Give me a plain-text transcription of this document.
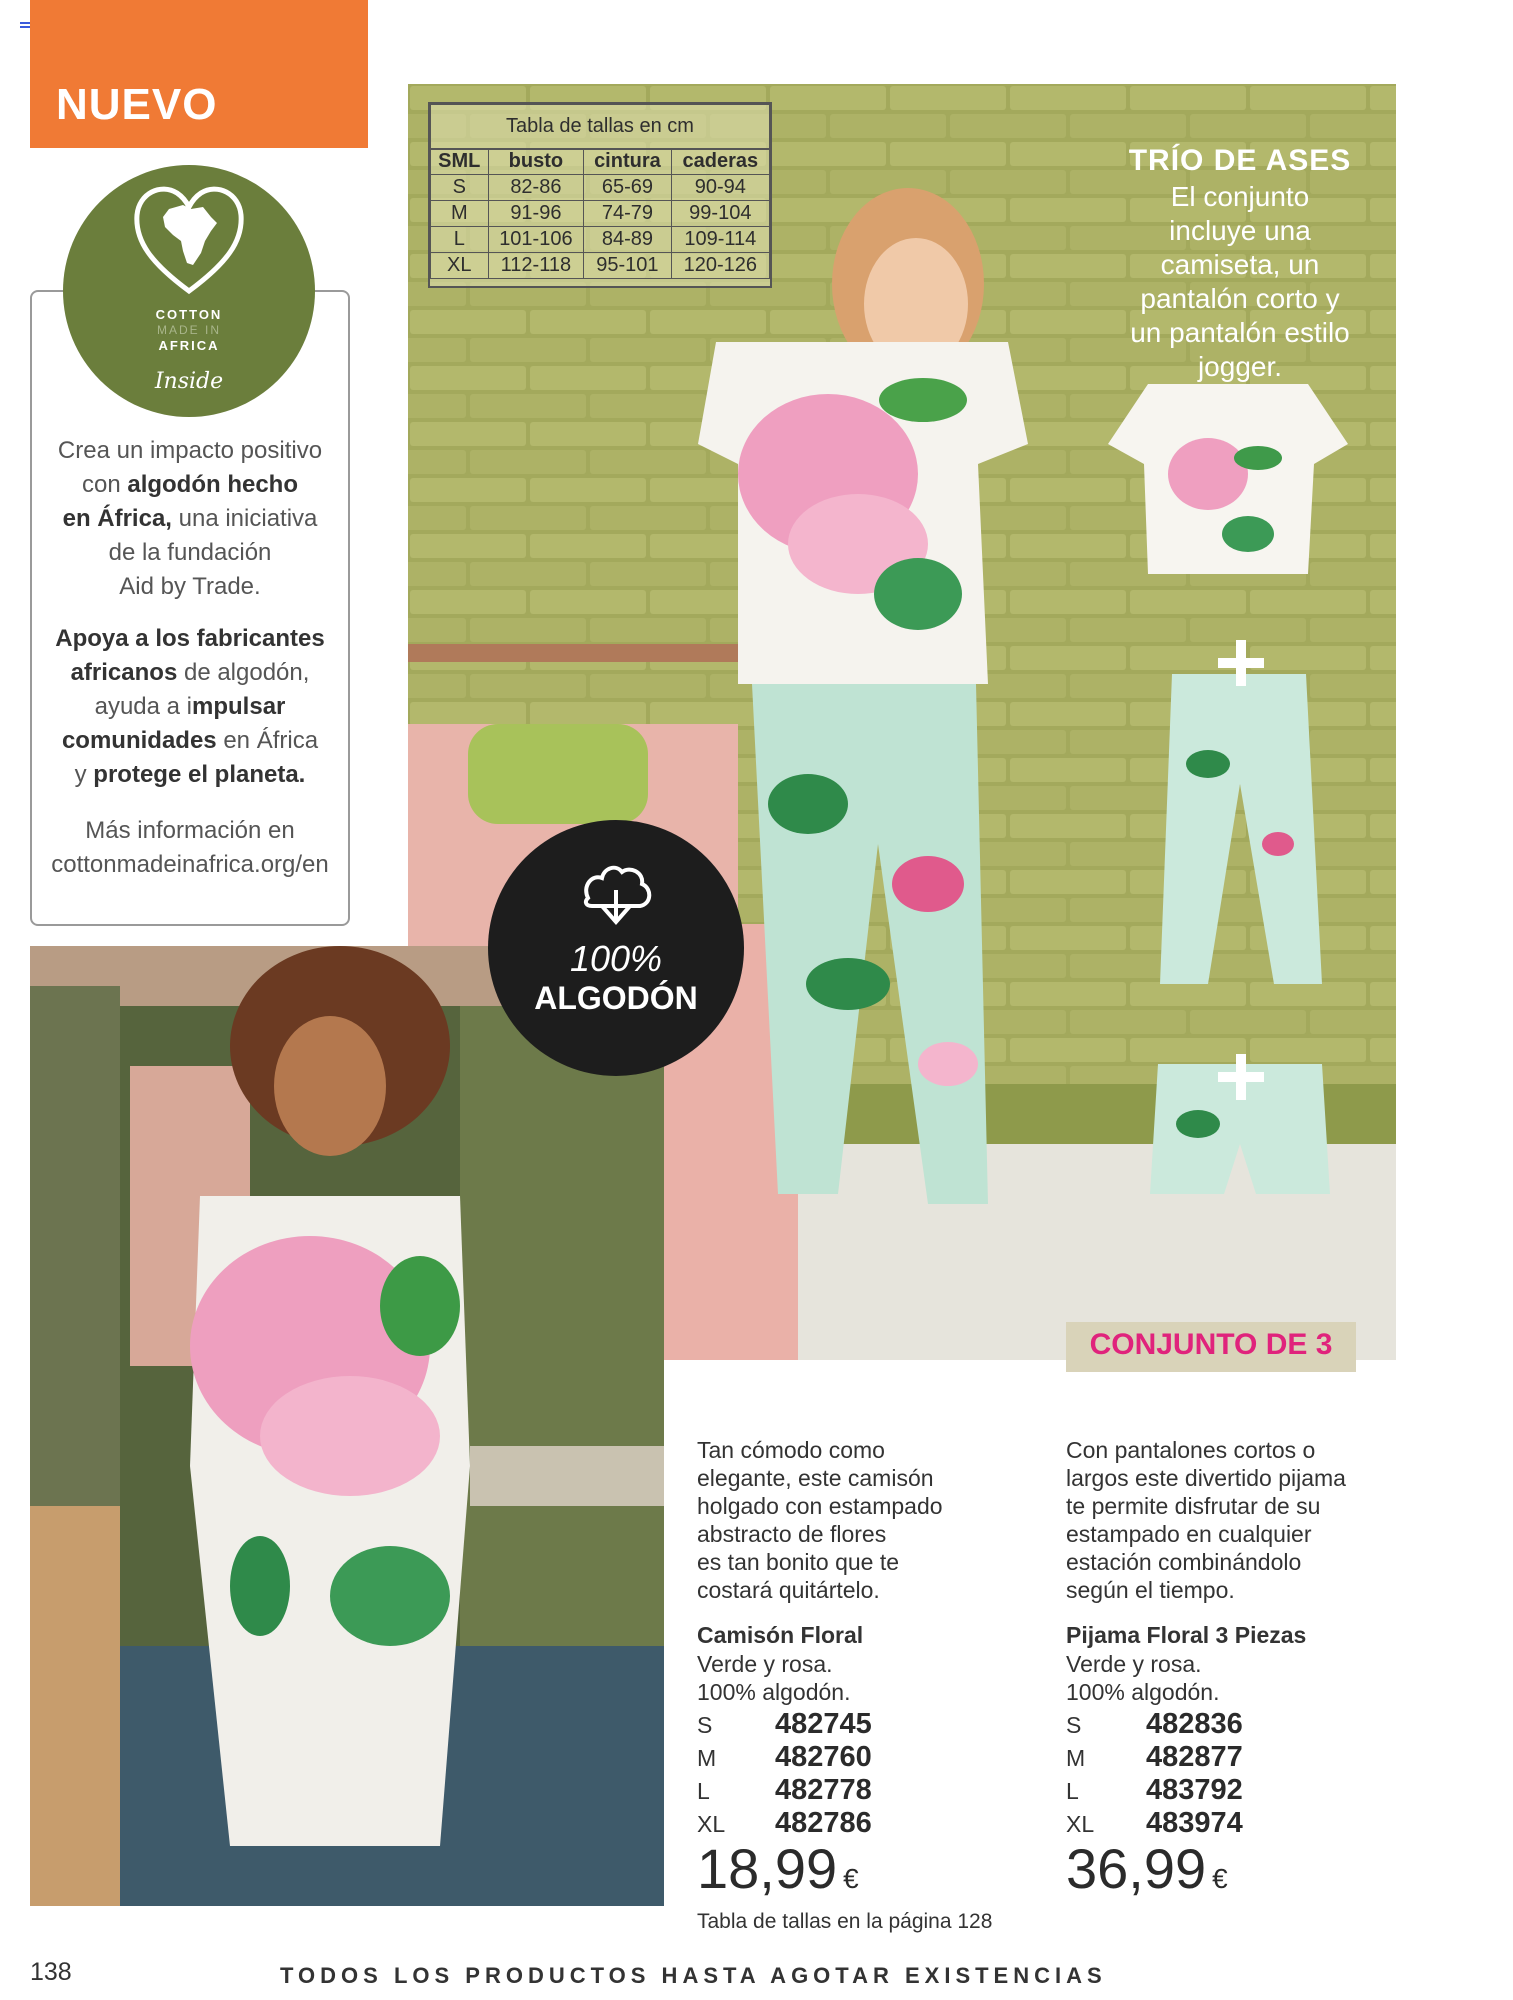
NUEVO
COTTON
MADE IN
AFRICA
Inside
Crea un impacto positivo
con algodón hecho
en África, una iniciativa
de la fundación
Aid by Trade.
Apoya a los fabricantes
africanos de algodón,
ayuda a impulsar
comunidades en África
y protege el planeta.
Más información en
cottonmadeinafrica.org/en
Tabla de tallas en cm			
SML	busto	cintura	caderas
S	82-86	65-69	90-94
M	91-96	74-79	99-104
L	101-106	84-89	109-114
XL	112-118	95-101	120-126
TRÍO DE ASES
El conjunto
incluye una
camiseta, un
pantalón corto y
un pantalón estilo
jogger.
100%
ALGODÓN
CONJUNTO DE 3
Tan cómodo como
elegante, este camisón
holgado con estampado
abstracto de flores
es tan bonito que te
costará quitártelo.
Camisón Floral
Verde y rosa.
100% algodón.
S 482745
M 482760
L 482778
XL 482786
18,99 €
Con pantalones cortos o
largos este divertido pijama
te permite disfrutar de su
estampado en cualquier
estación combinándolo
según el tiempo.
Pijama Floral 3 Piezas
Verde y rosa.
100% algodón.
S 482836
M 482877
L 483792
XL 483974
36,99 €
Tabla de tallas en la página 128
138	TODOS LOS PRODUCTOS HASTA AGOTAR EXISTENCIAS
